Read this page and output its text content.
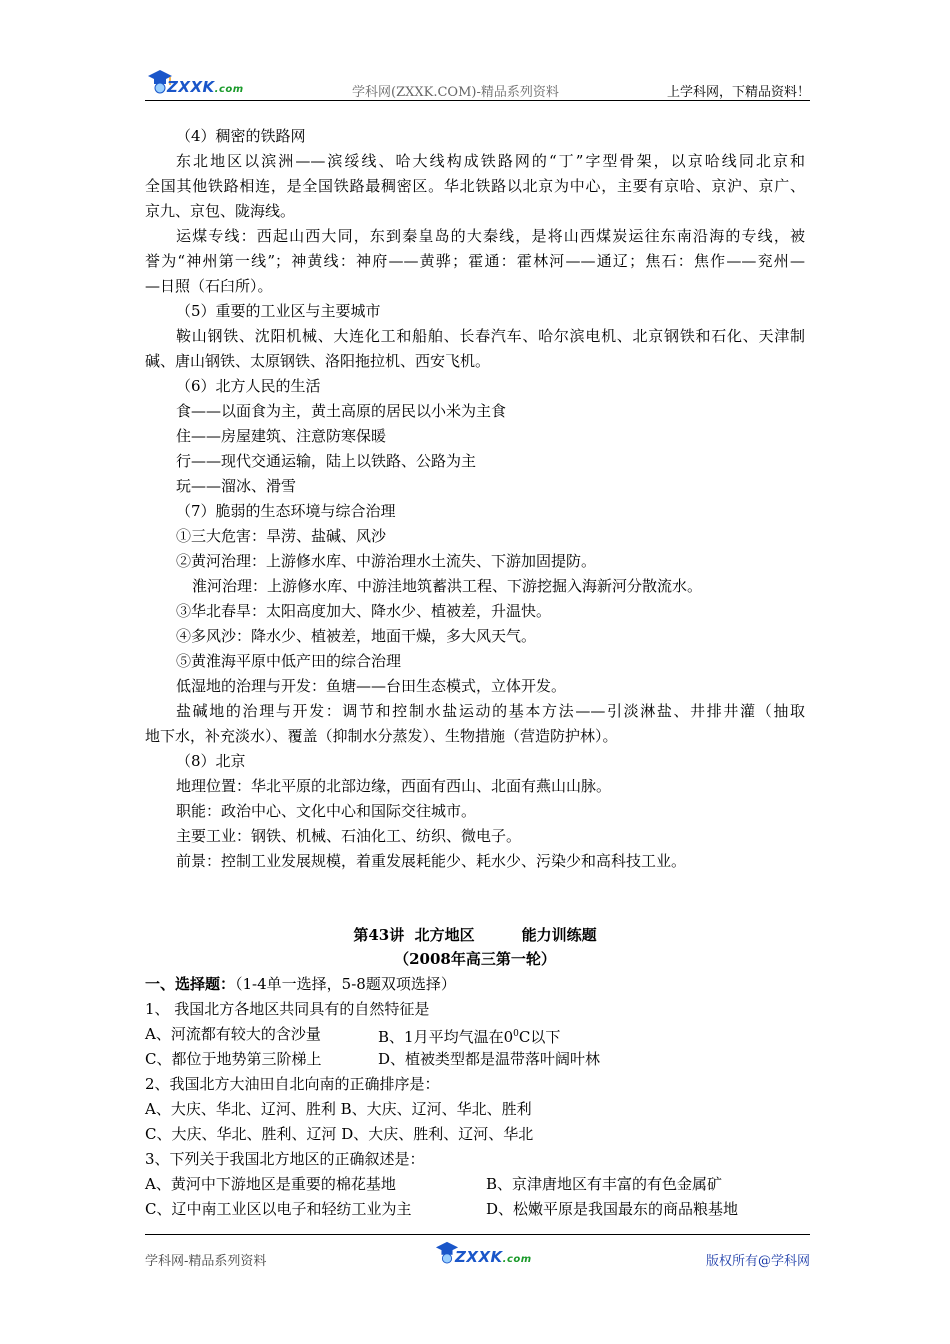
ZXXK.com	学科网(ZXXK.COM)-精品系列资料	上学科网，下精品资料！
（4）稠密的铁路网
东北地区以滨洲——滨绥线、哈大线构成铁路网的“丁”字型骨架，以京哈线同北京和
全国其他铁路相连，是全国铁路最稠密区。华北铁路以北京为中心，主要有京哈、京沪、京广、
京九、京包、陇海线。
运煤专线：西起山西大同，东到秦皇岛的大秦线，是将山西煤炭运往东南沿海的专线，被
誉为“神州第一线”；神黄线：神府——黄骅；霍通：霍林河——通辽；焦石：焦作——兖州—
—日照（石臼所）。
（5）重要的工业区与主要城市
鞍山钢铁、沈阳机械、大连化工和船舶、长春汽车、哈尔滨电机、北京钢铁和石化、天津制
碱、唐山钢铁、太原钢铁、洛阳拖拉机、西安飞机。
（6）北方人民的生活
食——以面食为主，黄土高原的居民以小米为主食
住——房屋建筑、注意防寒保暖
行——现代交通运输，陆上以铁路、公路为主
玩——溜冰、滑雪
（7）脆弱的生态环境与综合治理
①三大危害：旱涝、盐碱、风沙
②黄河治理：上游修水库、中游治理水土流失、下游加固提防。
淮河治理：上游修水库、中游洼地筑蓄洪工程、下游挖掘入海新河分散流水。
③华北春旱：太阳高度加大、降水少、植被差，升温快。
④多风沙：降水少、植被差，地面干燥，多大风天气。
⑤黄淮海平原中低产田的综合治理
低湿地的治理与开发：鱼塘——台田生态模式，立体开发。
盐碱地的治理与开发：调节和控制水盐运动的基本方法——引淡淋盐、井排井灌（抽取
地下水，补充淡水）、覆盖（抑制水分蒸发）、生物措施（营造防护林）。
（8）北京
地理位置：华北平原的北部边缘，西面有西山、北面有燕山山脉。
职能：政治中心、文化中心和国际交往城市。
主要工业：钢铁、机械、石油化工、纺织、微电子。
前景：控制工业发展规模，着重发展耗能少、耗水少、污染少和高科技工业。
第43讲  北方地区         能力训练题
（2008年高三第一轮）
一、选择题：（1-4单一选择，5-8题双项选择）
1、 我国北方各地区共同具有的自然特征是
A、河流都有较大的含沙量	B、1月平均气温在$0^0C$以下
C、都位于地势第三阶梯上	D、植被类型都是温带落叶阔叶林
2、我国北方大油田自北向南的正确排序是：
A、大庆、华北、辽河、胜利 B、大庆、辽河、华北、胜利
C、大庆、华北、胜利、辽河 D、大庆、胜利、辽河、华北
3、下列关于我国北方地区的正确叙述是：
A、黄河中下游地区是重要的棉花基地	B、京津唐地区有丰富的有色金属矿
C、辽中南工业区以电子和轻纺工业为主	D、松嫩平原是我国最东的商品粮基地
学科网-精品系列资料	ZXXK.com	版权所有@学科网
